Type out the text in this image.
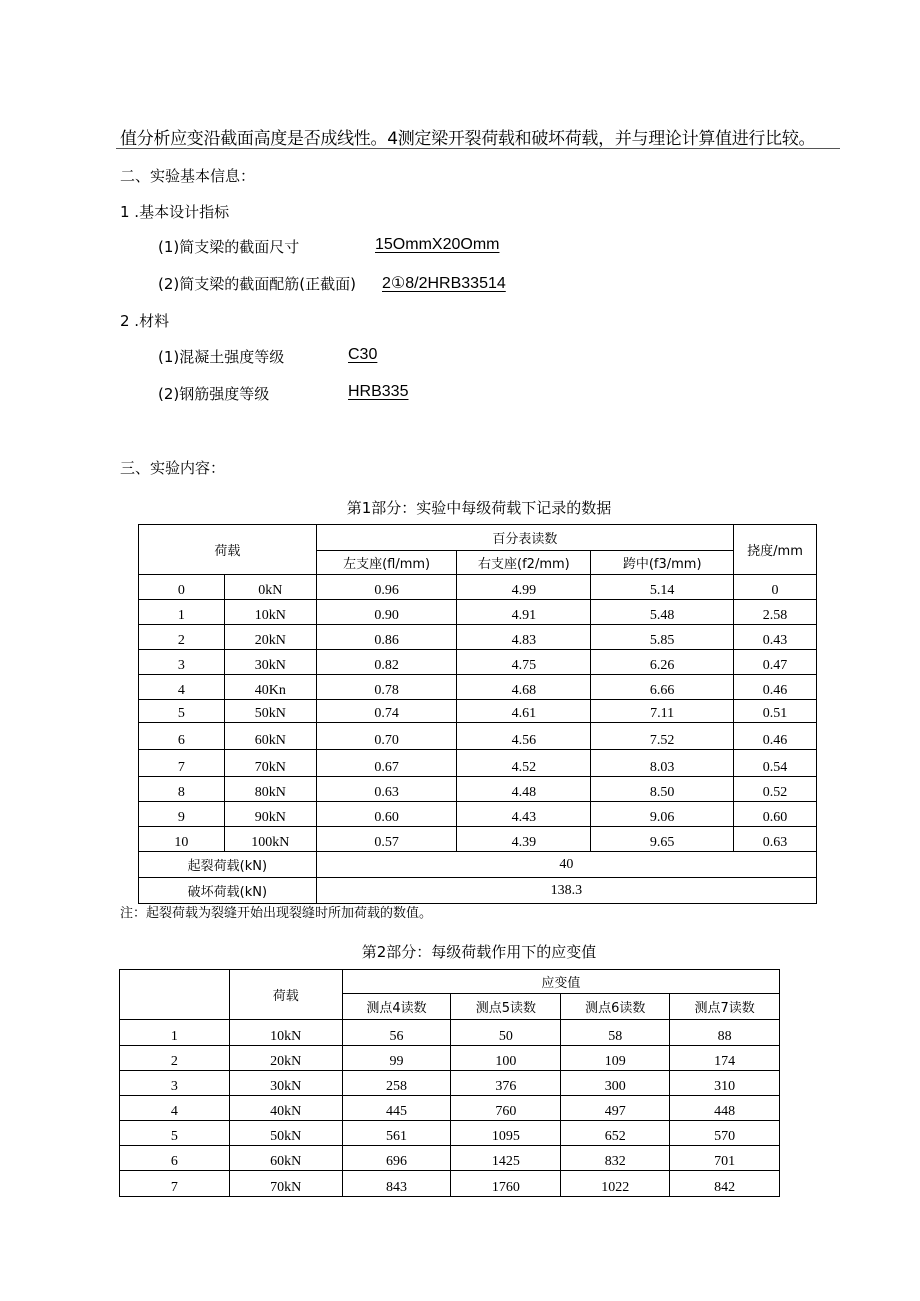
值分析应变沿截面高度是否成线性。4测定梁开裂荷载和破坏荷载，并与理论计算值进行比较。
二、实验基本信息：
1 .基本设计指标
(1)简支梁的截面尺寸	15OmmX20Omm
(2)简支梁的截面配筋(正截面) 2①8/2HRB33514
2 .材料
(1)混凝土强度等级	C30
(2)钢筋强度等级	HRB335
三、实验内容：
第1部分：实验中每级荷载下记录的数据
荷载		百分表读数			挠度/mm
		左支座(fl/mm)	右支座(f2/mm)	跨中(f3/mm)	
0	0kN	0.96	4.99	5.14	0
1	10kN	0.90	4.91	5.48	2.58
2	20kN	0.86	4.83	5.85	0.43
3	30kN	0.82	4.75	6.26	0.47
4	40Kn	0.78	4.68	6.66	0.46
5	50kN	0.74	4.61	7.11	0.51
6	60kN	0.70	4.56	7.52	0.46
7	70kN	0.67	4.52	8.03	0.54
8	80kN	0.63	4.48	8.50	0.52
9	90kN	0.60	4.43	9.06	0.60
10	100kN	0.57	4.39	9.65	0.63
起裂荷载(kN)		40			
破坏荷载(kN)		138.3			
注：起裂荷载为裂缝开始出现裂缝时所加荷载的数值。
第2部分：每级荷载作用下的应变值
	荷载	应变值			
		测点4读数	测点5读数	测点6读数	测点7读数
1	10kN	56	50	58	88
2	20kN	99	100	109	174
3	30kN	258	376	300	310
4	40kN	445	760	497	448
5	50kN	561	1095	652	570
6	60kN	696	1425	832	701
7	70kN	843	1760	1022	842
